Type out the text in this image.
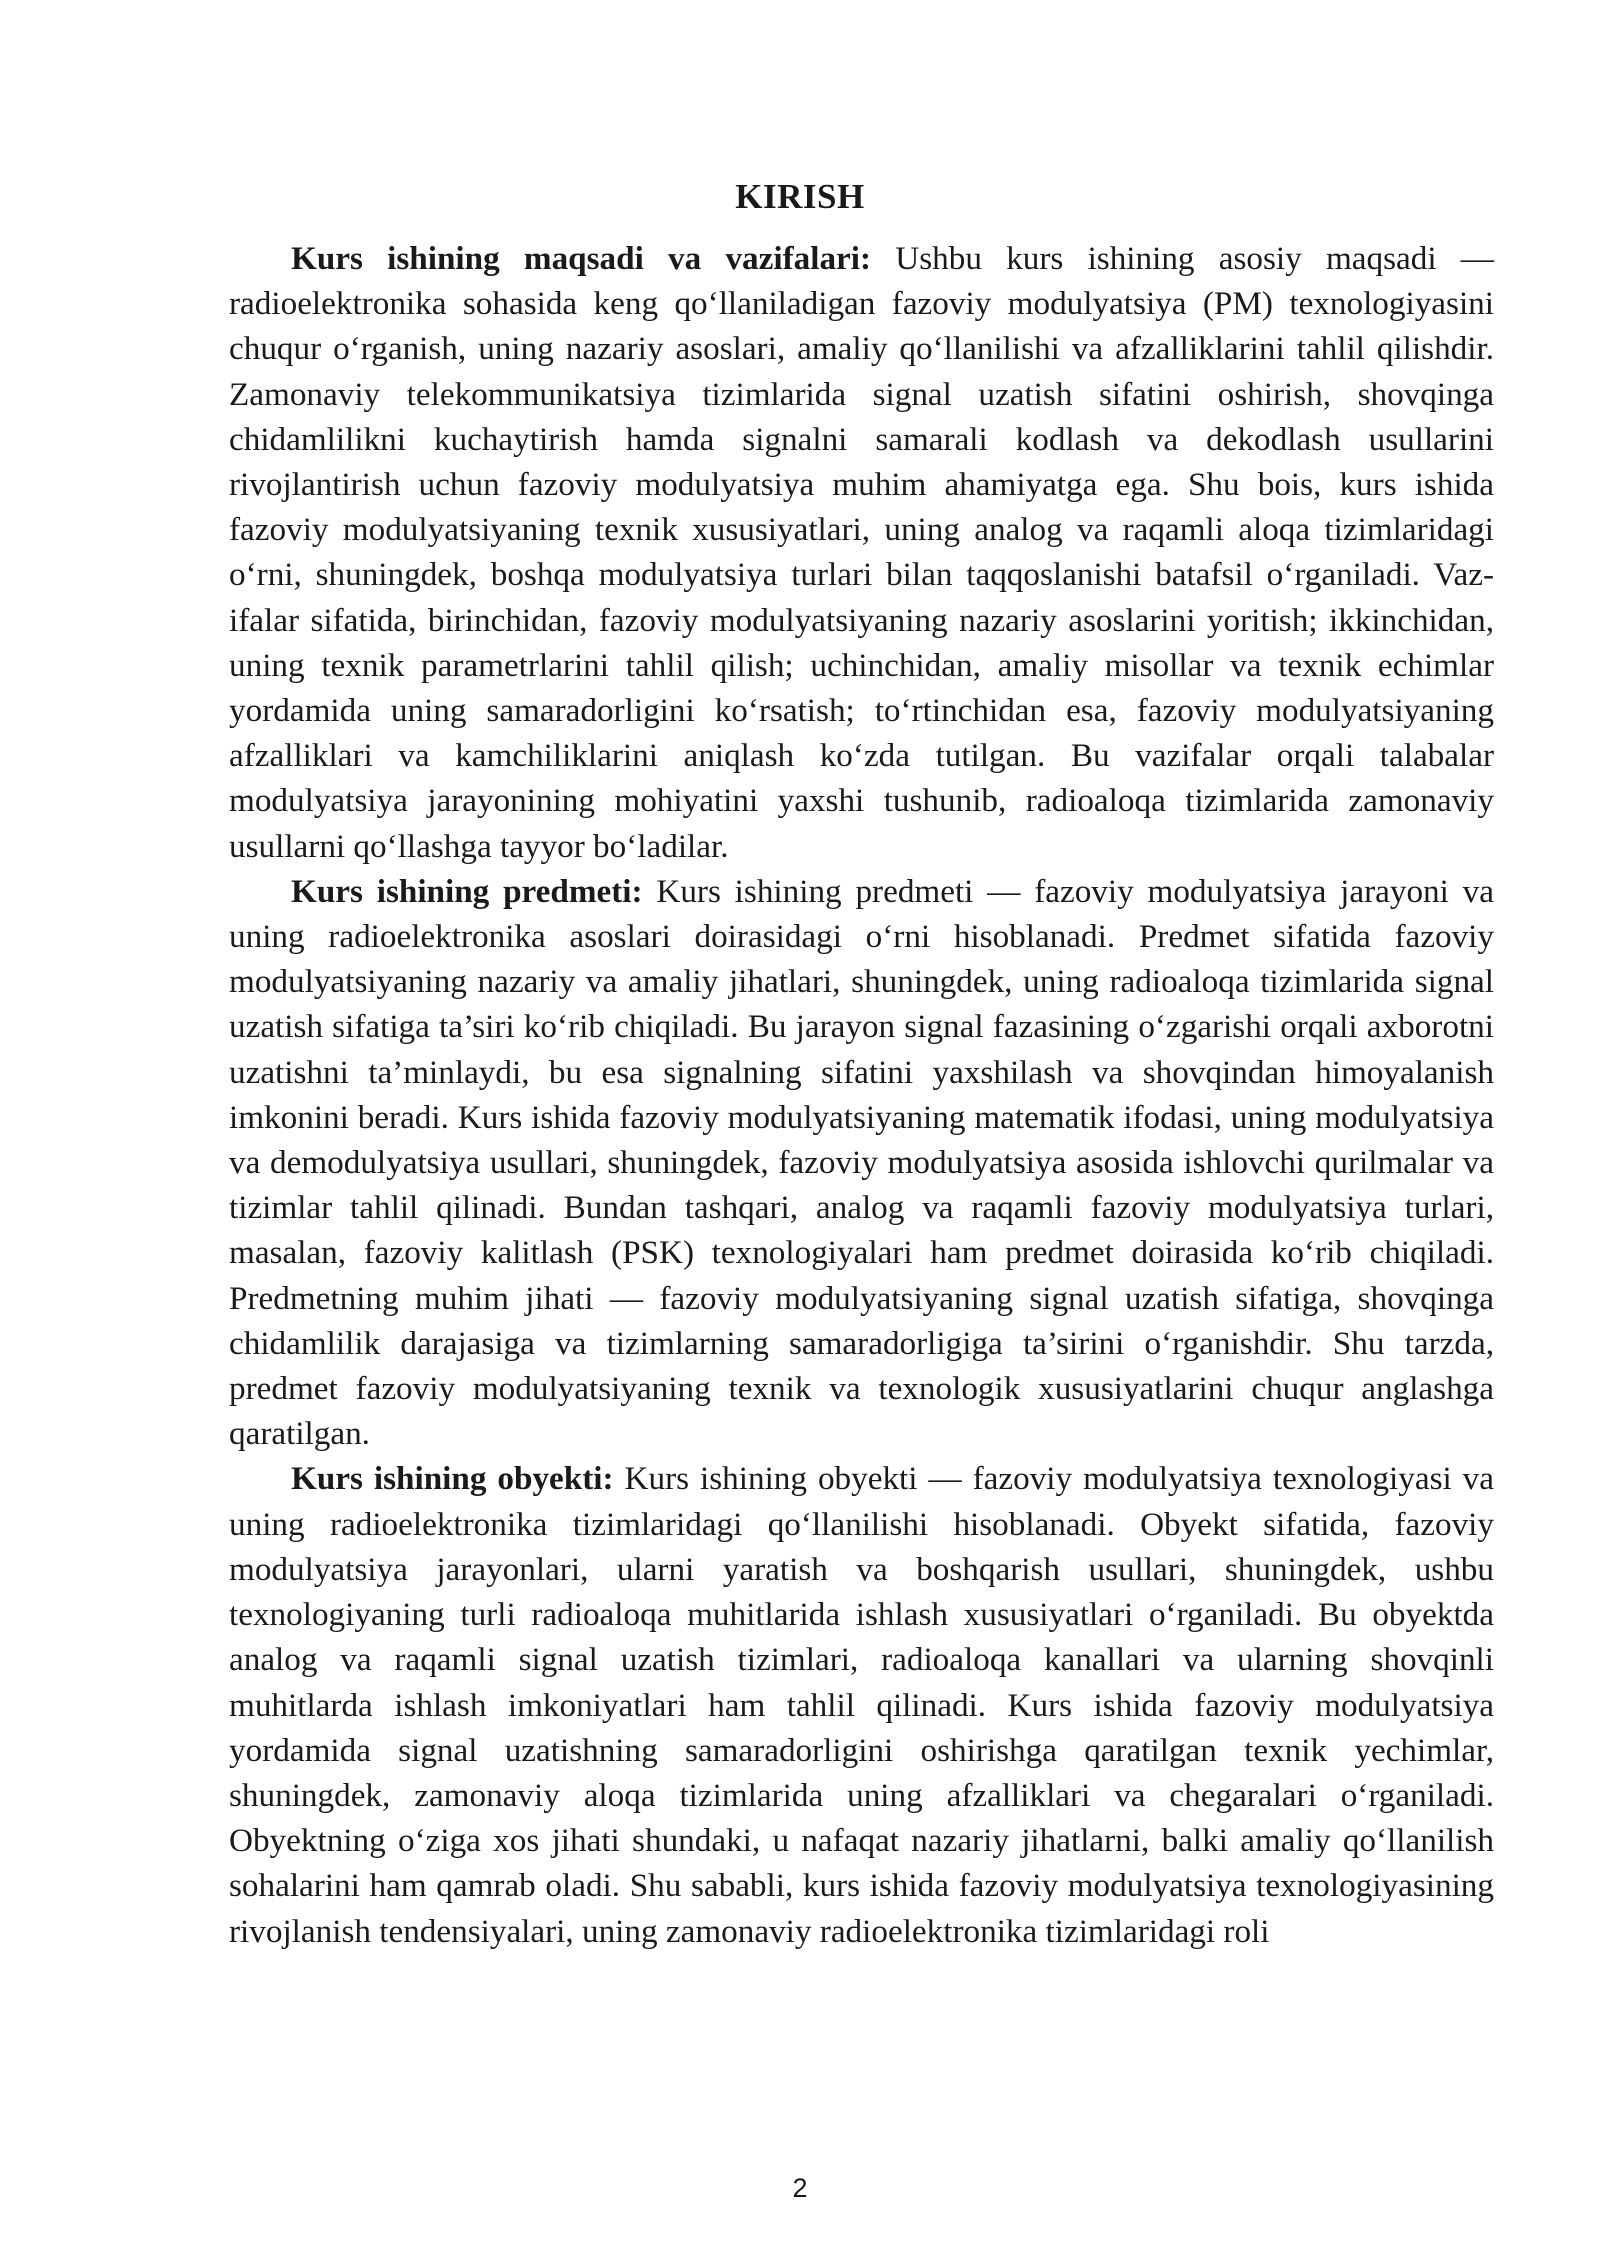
KIRISH

Kurs ishining maqsadi va vazifalari: Ushbu kurs ishining asosiy maqsadi — radioelektronika sohasida keng qo‘llaniladigan fazoviy modulyatsiya (PM) texnologiyasini chuqur o‘rganish, uning nazariy asoslari, amaliy qo‘llanilishi va afzalliklarini tahlil qilishdir. Zamonaviy telekommunikatsiya tizimlarida signal uzatish sifatini oshirish, shovqinga chidamlilikni kuchaytirish hamda signalni samarali kodlash va dekodlash usullarini rivojlantirish uchun fazoviy modulyatsiya muhim ahamiyatga ega. Shu bois, kurs ishida fazoviy modulyatsiyaning texnik xususiyatlari, uning analog va raqamli aloqa tizimlaridagi o‘rni, shuningdek, boshqa modulyatsiya turlari bilan taqqoslanishi batafsil o‘rganiladi. Vazifalar sifatida, birinchidan, fazoviy modulyatsiyaning nazariy asoslarini yoritish; ikkinchidan, uning texnik parametrlarini tahlil qilish; uchinchidan, amaliy misollar va texnik echimlar yordamida uning samaradorligini ko‘rsatish; to‘rtinchidan esa, fazoviy modulyatsiyaning afzalliklari va kamchiliklarini aniqlash ko‘zda tutilgan. Bu vazifalar orqali talabalar modulyatsiya jarayonining mohiyatini yaxshi tushunib, radioaloqa tizimlarida zamonaviy usullarni qo‘llashga tayyor bo‘ladilar.

Kurs ishining predmeti: Kurs ishining predmeti — fazoviy modulyatsiya jarayoni va uning radioelektronika asoslari doirasidagi o‘rni hisoblanadi. Predmet sifatida fazoviy modulyatsiyaning nazariy va amaliy jihatlari, shuningdek, uning radioaloqa tizimlarida signal uzatish sifatiga ta’siri ko‘rib chiqiladi. Bu jarayon signal fazasining o‘zgarishi orqali axborotni uzatishni ta’minlaydi, bu esa signalning sifatini yaxshilash va shovqindan himoyalanish imkonini beradi. Kurs ishida fazoviy modulyatsiyaning matematik ifodasi, uning modulyatsiya va demodulyatsiya usullari, shuningdek, fazoviy modulyatsiya asosida ishlovchi qurilmalar va tizimlar tahlil qilinadi. Bundan tashqari, analog va raqamli fazoviy modulyatsiya turlari, masalan, fazoviy kalitlash (PSK) texnologiyalari ham predmet doirasida ko‘rib chiqiladi. Predmetning muhim jihati — fazoviy modulyatsiyaning signal uzatish sifatiga, shovqinga chidamlilik darajasiga va tizimlarning samaradorligiga ta’sirini o‘rganishdir. Shu tarzda, predmet fazoviy modulyatsiyaning texnik va texnologik xususiyatlarini chuqur anglashga qaratilgan.

Kurs ishining obyekti: Kurs ishining obyekti — fazoviy modulyatsiya texnologiyasi va uning radioelektronika tizimlaridagi qo‘llanilishi hisoblanadi. Obyekt sifatida, fazoviy modulyatsiya jarayonlari, ularni yaratish va boshqarish usullari, shuningdek, ushbu texnologiyaning turli radioaloqa muhitlarida ishlash xususiyatlari o‘rganiladi. Bu obyektda analog va raqamli signal uzatish tizimlari, radioaloqa kanallari va ularning shovqinli muhitlarda ishlash imkoniyatlari ham tahlil qilinadi. Kurs ishida fazoviy modulyatsiya yordamida signal uzatishning samaradorligini oshirishga qaratilgan texnik yechimlar, shuningdek, zamonaviy aloqa tizimlarida uning afzalliklari va chegaralari o‘rganiladi. Obyektning o‘ziga xos jihati shundaki, u nafaqat nazariy jihatlarni, balki amaliy qo‘llanilish sohalarini ham qamrab oladi. Shu sababli, kurs ishida fazoviy modulyatsiya texnologiyasining rivojlanish tendensiyalari, uning zamonaviy radioelektronika tizimlaridagi roli

2
